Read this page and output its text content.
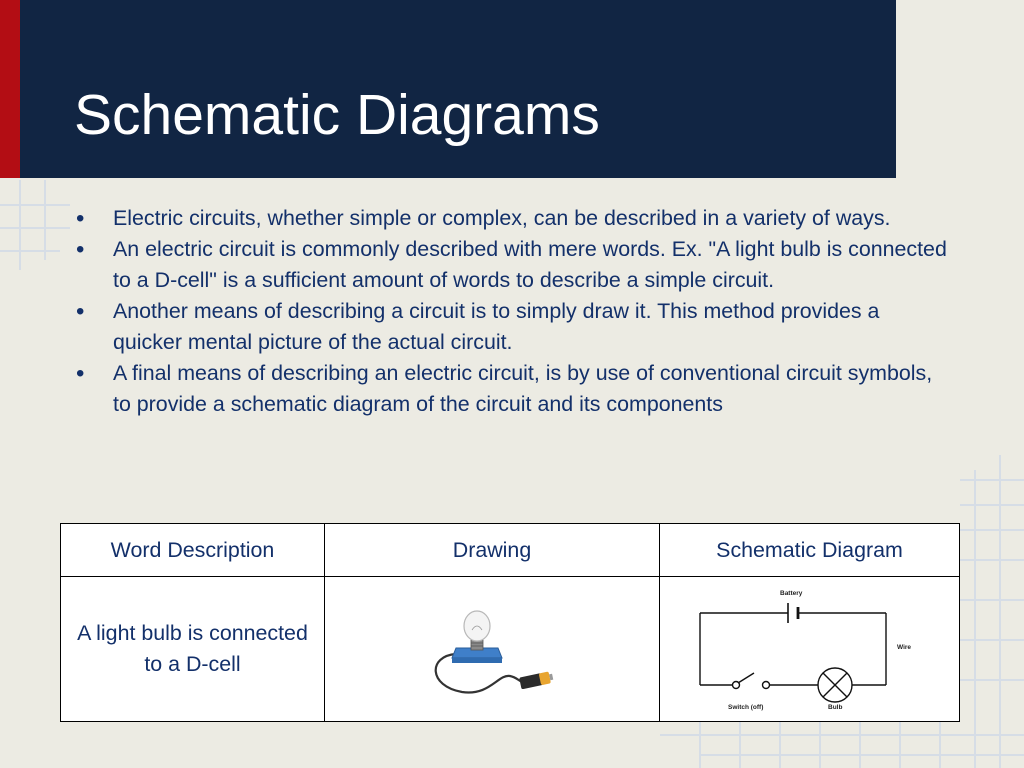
Schematic Diagrams
• Electric circuits, whether simple or complex, can be described in a variety of ways.
• An electric circuit is commonly described with mere words. Ex. "A light bulb is connected to a D-cell" is a sufficient amount of words to describe a simple circuit.
• Another means of describing a circuit is to simply draw it. This method provides a quicker mental picture of the actual circuit.
• A final means of describing an electric circuit, is by use of conventional circuit symbols, to provide a schematic diagram of the circuit and its components
Word Description	Drawing	Schematic Diagram

A light bulb is connected to a D-cell		Battery
Wire
Switch (off) Bulb
